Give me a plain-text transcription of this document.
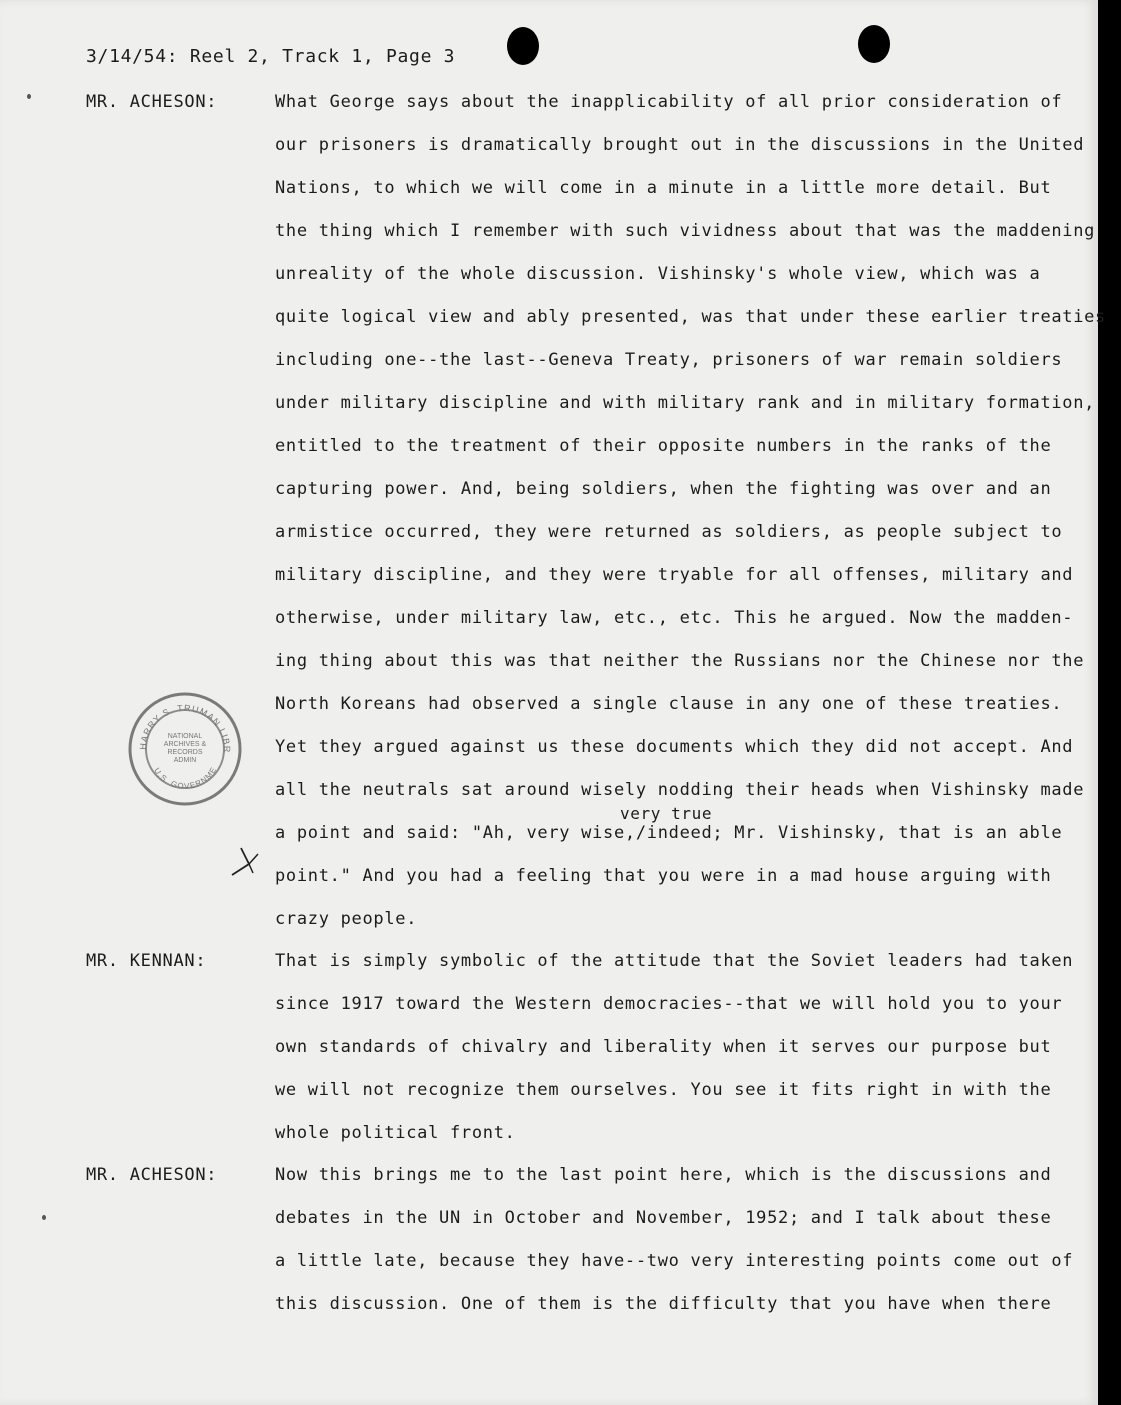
3/14/54: Reel 2, Track 1, Page 3
MR. ACHESON:	What George says about the inapplicability of all prior consideration of
our prisoners is dramatically brought out in the discussions in the United
Nations, to which we will come in a minute in a little more detail. But
the thing which I remember with such vividness about that was the maddening
unreality of the whole discussion. Vishinsky's whole view, which was a
quite logical view and ably presented, was that under these earlier treaties
including one--the last--Geneva Treaty, prisoners of war remain soldiers
under military discipline and with military rank and in military formation,
entitled to the treatment of their opposite numbers in the ranks of the
capturing power. And, being soldiers, when the fighting was over and an
armistice occurred, they were returned as soldiers, as people subject to
military discipline, and they were tryable for all offenses, military and
otherwise, under military law, etc., etc. This he argued. Now the madden-
ing thing about this was that neither the Russians nor the Chinese nor the
North Koreans had observed a single clause in any one of these treaties.
Yet they argued against us these documents which they did not accept. And
all the neutrals sat around wisely nodding their heads when Vishinsky made
very true
a point and said: "Ah, very wise,/indeed; Mr. Vishinsky, that is an able
point." And you had a feeling that you were in a mad house arguing with
crazy people.
HARRY S. TRUMAN LIBR
U.S. GOVERNME
NATIONAL ARCHIVES & RECORDS ADMIN
MR. KENNAN:	That is simply symbolic of the attitude that the Soviet leaders had taken
since 1917 toward the Western democracies--that we will hold you to your
own standards of chivalry and liberality when it serves our purpose but
we will not recognize them ourselves. You see it fits right in with the
whole political front.
MR. ACHESON:	Now this brings me to the last point here, which is the discussions and
debates in the UN in October and November, 1952; and I talk about these
a little late, because they have--two very interesting points come out of
this discussion. One of them is the difficulty that you have when there
